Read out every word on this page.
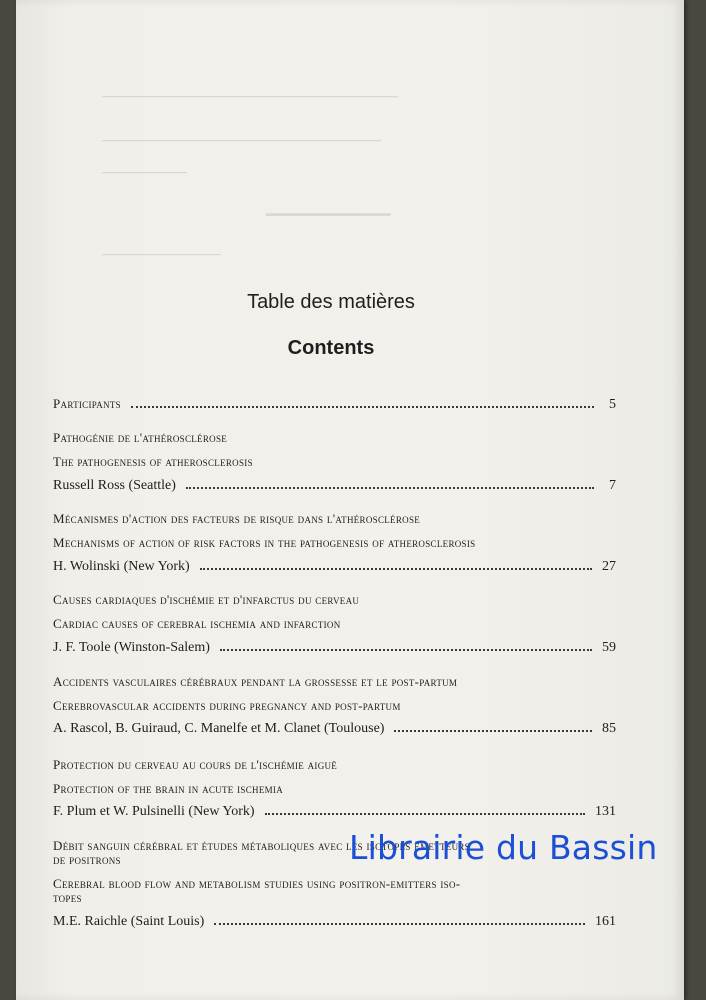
▔▔▔▔▔▔▔▔▔▔▔▔▔▔▔▔▔▔▔▔▔▔▔▔▔▔▔▔▔▔▔▔▔▔▔
▔▔▔▔▔▔▔▔▔▔▔▔▔▔▔▔▔▔▔▔▔▔▔▔▔▔▔▔▔▔▔▔▔
▔▔▔▔▔▔▔▔▔▔
▔▔▔▔▔▔▔▔▔
▔▔▔▔▔▔▔▔▔▔▔▔▔▔
Table des matières
Contents
Participants	5
Pathogénie de l'athérosclérose
The pathogenesis of atherosclerosis
Russell Ross (Seattle)	7
Mécanismes d'action des facteurs de risque dans l'athérosclérose
Mechanisms of action of risk factors in the pathogenesis of atherosclerosis
H. Wolinski (New York)	27
Causes cardiaques d'ischémie et d'infarctus du cerveau
Cardiac causes of cerebral ischemia and infarction
J. F. Toole (Winston-Salem)	59
Accidents vasculaires cérébraux pendant la grossesse et le post-partum
Cerebrovascular accidents during pregnancy and post-partum
A. Rascol, B. Guiraud, C. Manelfe et M. Clanet (Toulouse)	85
Protection du cerveau au cours de l'ischémie aiguë
Protection of the brain in acute ischemia
F. Plum et W. Pulsinelli (New York)	131
Débit sanguin cérébral et études métaboliques avec les isotopes émetteurs
de positrons
Cerebral blood flow and metabolism studies using positron-emitters iso-
topes
M.E. Raichle (Saint Louis)	161
Librairie du Bassin
